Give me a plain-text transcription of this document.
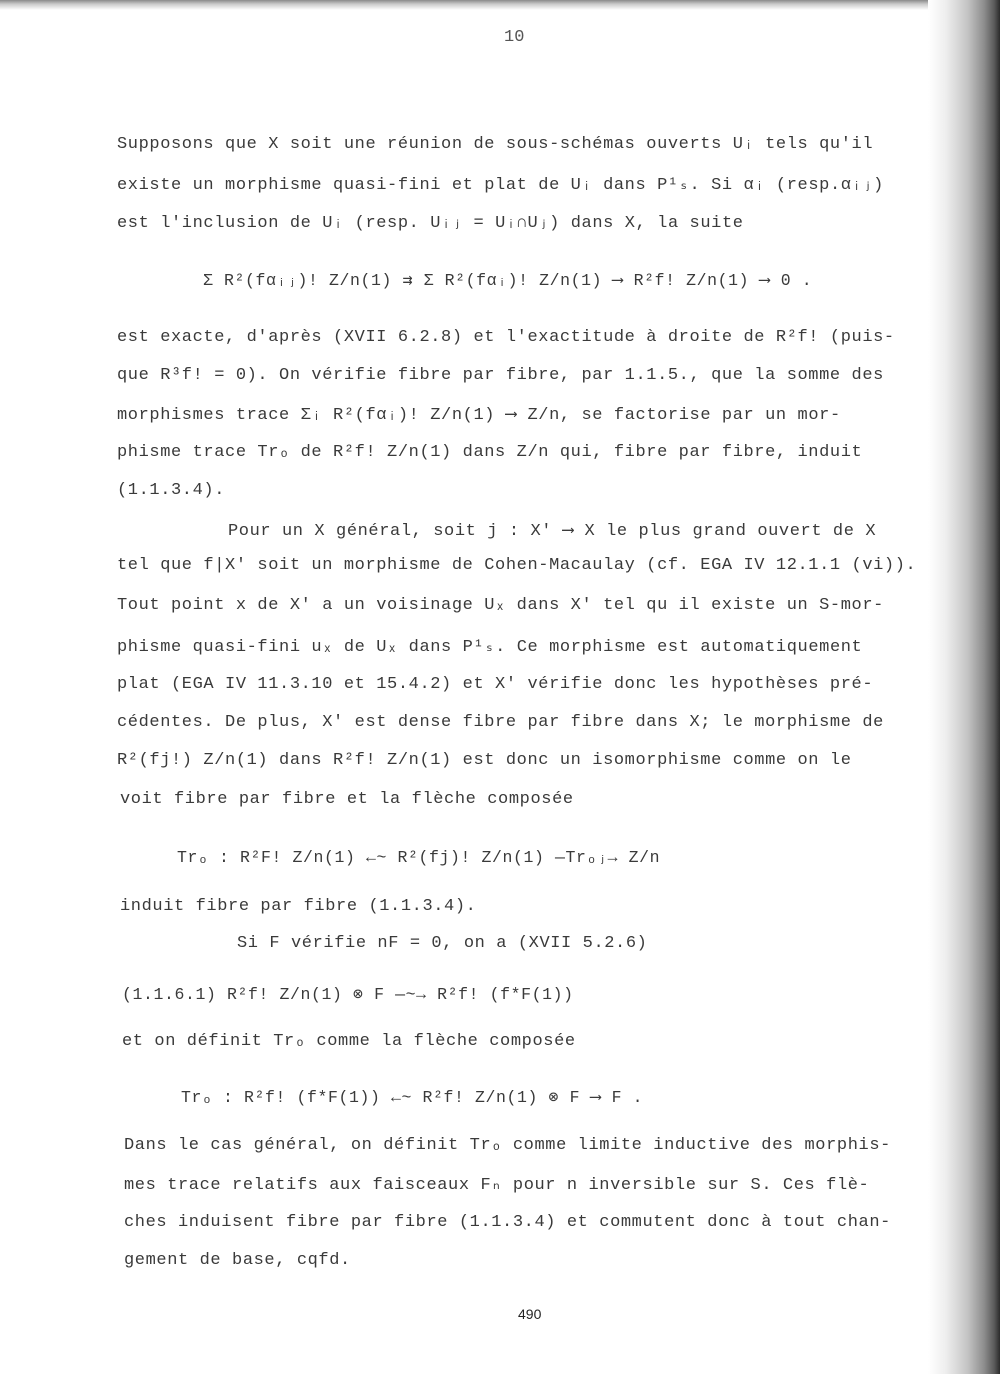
10
Supposons que X soit une réunion de sous-schémas ouverts Uᵢ tels qu'il
existe un morphisme quasi-fini et plat de Uᵢ dans P¹ₛ. Si αᵢ (resp.αᵢⱼ)
est l'inclusion de Uᵢ (resp. Uᵢⱼ = Uᵢ∩Uⱼ) dans X, la suite
Σ R²(fαᵢⱼ)! Z/n(1) ⇉ Σ R²(fαᵢ)! Z/n(1) ⟶ R²f! Z/n(1) ⟶ 0 .
est exacte, d'après (XVII 6.2.8) et l'exactitude à droite de R²f! (puis-
que R³f! = 0). On vérifie fibre par fibre, par 1.1.5., que la somme des
morphismes trace Σᵢ R²(fαᵢ)! Z/n(1) ⟶ Z/n, se factorise par un mor-
phisme trace Trₒ de R²f! Z/n(1) dans Z/n qui, fibre par fibre, induit
(1.1.3.4).
Pour un X général, soit j : X' ⟶ X le plus grand ouvert de X
tel que f|X' soit un morphisme de Cohen-Macaulay (cf. EGA IV 12.1.1 (vi)).
Tout point x de X' a un voisinage Uₓ dans X' tel qu il existe un S-mor-
phisme quasi-fini uₓ de Uₓ dans P¹ₛ. Ce morphisme est automatiquement
plat (EGA IV 11.3.10 et 15.4.2) et X' vérifie donc les hypothèses pré-
cédentes. De plus, X' est dense fibre par fibre dans X; le morphisme de
R²(fj!) Z/n(1) dans R²f! Z/n(1) est donc un isomorphisme comme on le
voit fibre par fibre et la flèche composée
Trₒ : R²F! Z/n(1) ←~ R²(fj)! Z/n(1) —Trₒⱼ→ Z/n
induit fibre par fibre (1.1.3.4).
Si F vérifie nF = 0, on a (XVII 5.2.6)
(1.1.6.1) R²f! Z/n(1) ⊗ F —~→ R²f! (f*F(1))
et on définit Trₒ comme la flèche composée
Trₒ : R²f! (f*F(1)) ←~ R²f! Z/n(1) ⊗ F ⟶ F .
Dans le cas général, on définit Trₒ comme limite inductive des morphis-
mes trace relatifs aux faisceaux Fₙ pour n inversible sur S. Ces flè-
ches induisent fibre par fibre (1.1.3.4) et commutent donc à tout chan-
gement de base, cqfd.
490
